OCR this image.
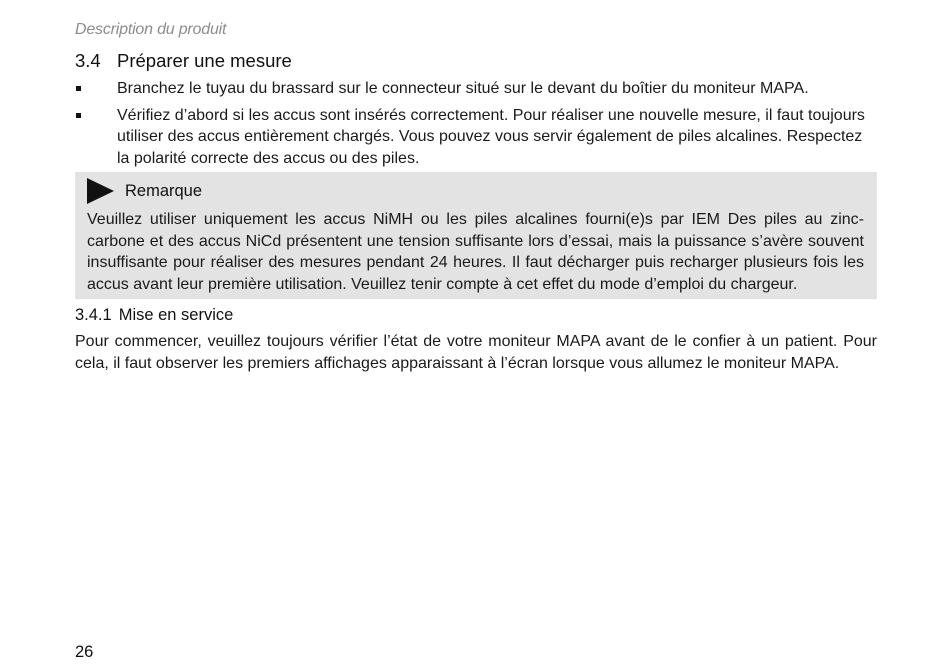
Description du produit
3.4 Préparer une mesure
Branchez le tuyau du brassard sur le connecteur situé sur le devant du boîtier du moniteur MAPA.
Vérifiez d’abord si les accus sont insérés correctement. Pour réaliser une nouvelle mesure, il faut toujours utiliser des accus entièrement chargés. Vous pouvez vous servir également de piles alcalines. Respectez la polarité correcte des accus ou des piles.
Remarque

Veuillez utiliser uniquement les accus NiMH ou les piles alcalines fourni(e)s par IEM Des piles au zinc-carbone et des accus NiCd présentent une tension suffisante lors d’essai, mais la puissance s’avère souvent insuffisante pour réaliser des mesures pendant 24 heures. Il faut décharger puis recharger plusieurs fois les accus avant leur première utilisation. Veuillez tenir compte à cet effet du mode d’emploi du chargeur.

3.4.1 Mise en service

Pour commencer, veuillez toujours vérifier l’état de votre moniteur MAPA avant de le confier à un patient. Pour cela, il faut observer les premiers affichages apparaissant à l’écran lorsque vous allumez le moniteur MAPA.

26
